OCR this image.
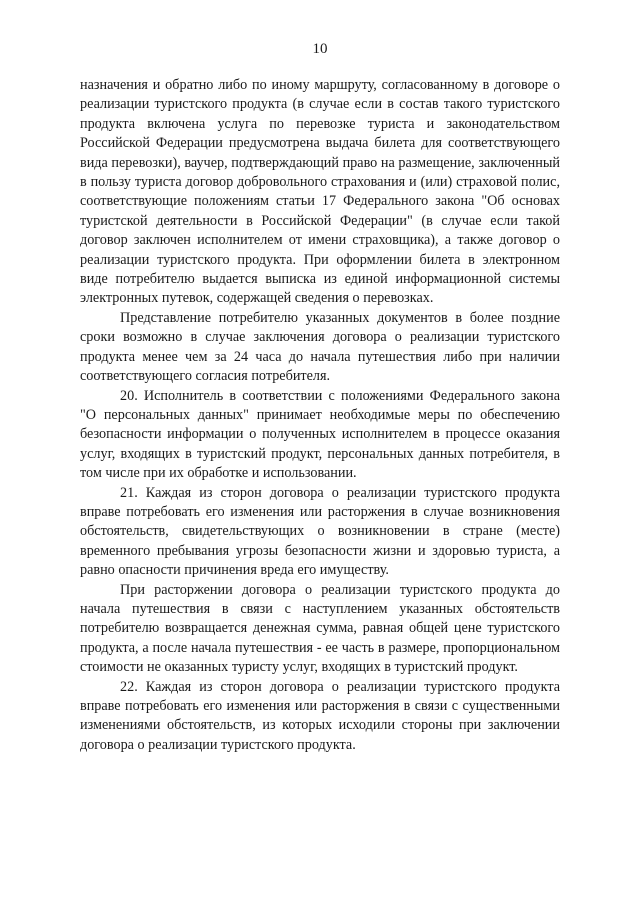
10

назначения и обратно либо по иному маршруту, согласованному в договоре о реализации туристского продукта (в случае если в состав такого туристского продукта включена услуга по перевозке туриста и законодательством Российской Федерации предусмотрена выдача билета для соответствующего вида перевозки), ваучер, подтверждающий право на размещение, заключенный в пользу туриста договор добровольного страхования и (или) страховой полис, соответствующие положениям статьи 17 Федерального закона "Об основах туристской деятельности в Российской Федерации" (в случае если такой договор заключен исполнителем от имени страховщика), а также договор о реализации туристского продукта. При оформлении билета в электронном виде потребителю выдается выписка из единой информационной системы электронных путевок, содержащей сведения о перевозках.

Представление потребителю указанных документов в более поздние сроки возможно в случае заключения договора о реализации туристского продукта менее чем за 24 часа до начала путешествия либо при наличии соответствующего согласия потребителя.

20. Исполнитель в соответствии с положениями Федерального закона "О персональных данных" принимает необходимые меры по обеспечению безопасности информации о полученных исполнителем в процессе оказания услуг, входящих в туристский продукт, персональных данных потребителя, в том числе при их обработке и использовании.

21. Каждая из сторон договора о реализации туристского продукта вправе потребовать его изменения или расторжения в случае возникновения обстоятельств, свидетельствующих о возникновении в стране (месте) временного пребывания угрозы безопасности жизни и здоровью туриста, а равно опасности причинения вреда его имуществу.

При расторжении договора о реализации туристского продукта до начала путешествия в связи с наступлением указанных обстоятельств потребителю возвращается денежная сумма, равная общей цене туристского продукта, а после начала путешествия - ее часть в размере, пропорциональном стоимости не оказанных туристу услуг, входящих в туристский продукт.

22. Каждая из сторон договора о реализации туристского продукта вправе потребовать его изменения или расторжения в связи с существенными изменениями обстоятельств, из которых исходили стороны при заключении договора о реализации туристского продукта.
